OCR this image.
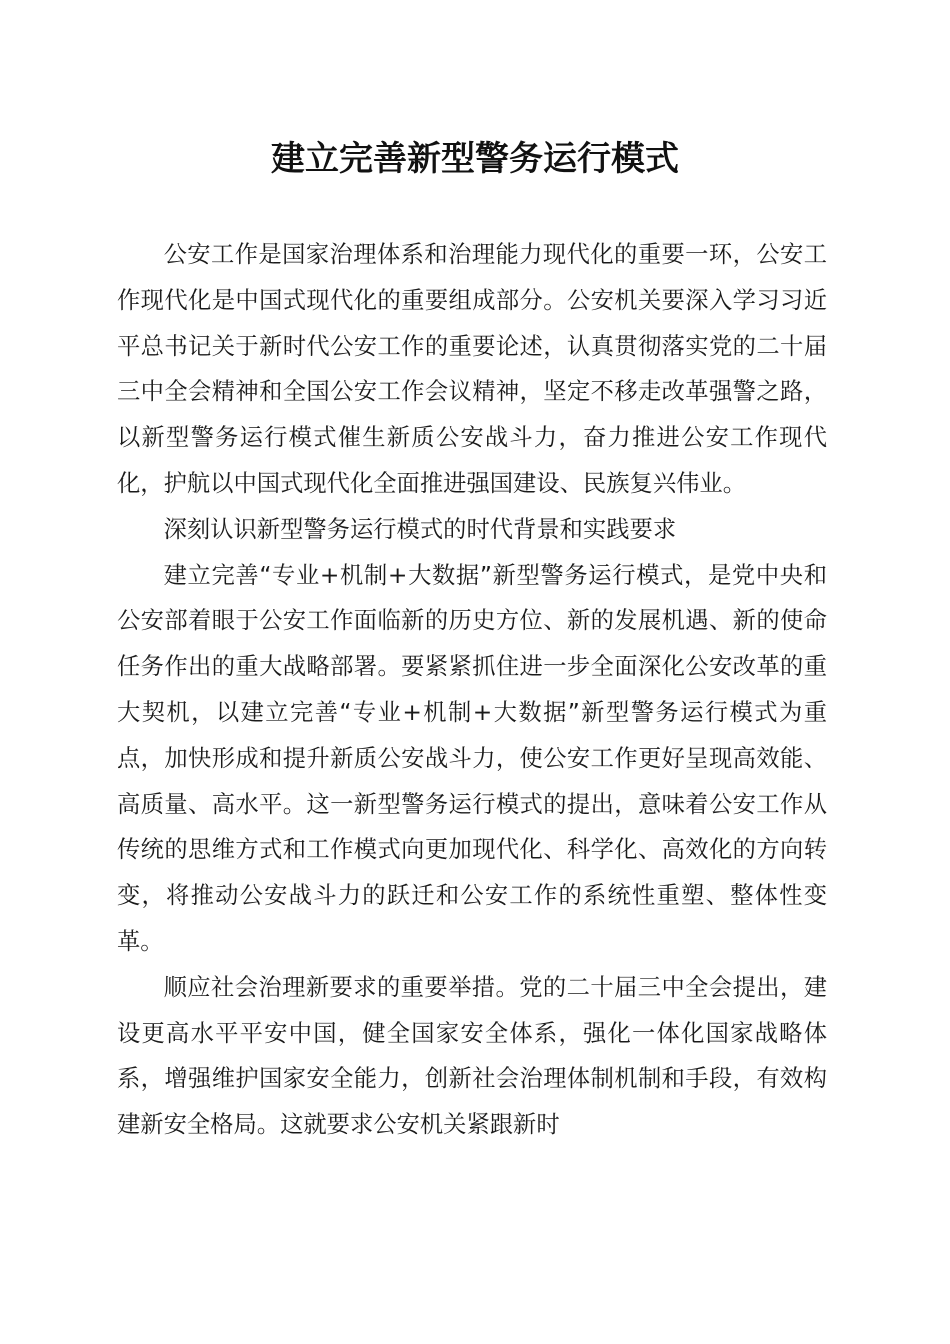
建立完善新型警务运行模式

公安工作是国家治理体系和治理能力现代化的重要一环，公安工作现代化是中国式现代化的重要组成部分。公安机关要深入学习习近平总书记关于新时代公安工作的重要论述，认真贯彻落实党的二十届三中全会精神和全国公安工作会议精神，坚定不移走改革强警之路，以新型警务运行模式催生新质公安战斗力，奋力推进公安工作现代化，护航以中国式现代化全面推进强国建设、民族复兴伟业。

深刻认识新型警务运行模式的时代背景和实践要求

建立完善“专业+机制+大数据”新型警务运行模式，是党中央和公安部着眼于公安工作面临新的历史方位、新的发展机遇、新的使命任务作出的重大战略部署。要紧紧抓住进一步全面深化公安改革的重大契机，以建立完善“专业+机制+大数据”新型警务运行模式为重点，加快形成和提升新质公安战斗力，使公安工作更好呈现高效能、高质量、高水平。这一新型警务运行模式的提出，意味着公安工作从传统的思维方式和工作模式向更加现代化、科学化、高效化的方向转变，将推动公安战斗力的跃迁和公安工作的系统性重塑、整体性变革。

顺应社会治理新要求的重要举措。党的二十届三中全会提出，建设更高水平平安中国，健全国家安全体系，强化一体化国家战略体系，增强维护国家安全能力，创新社会治理体制机制和手段，有效构建新安全格局。这就要求公安机关紧跟新时
